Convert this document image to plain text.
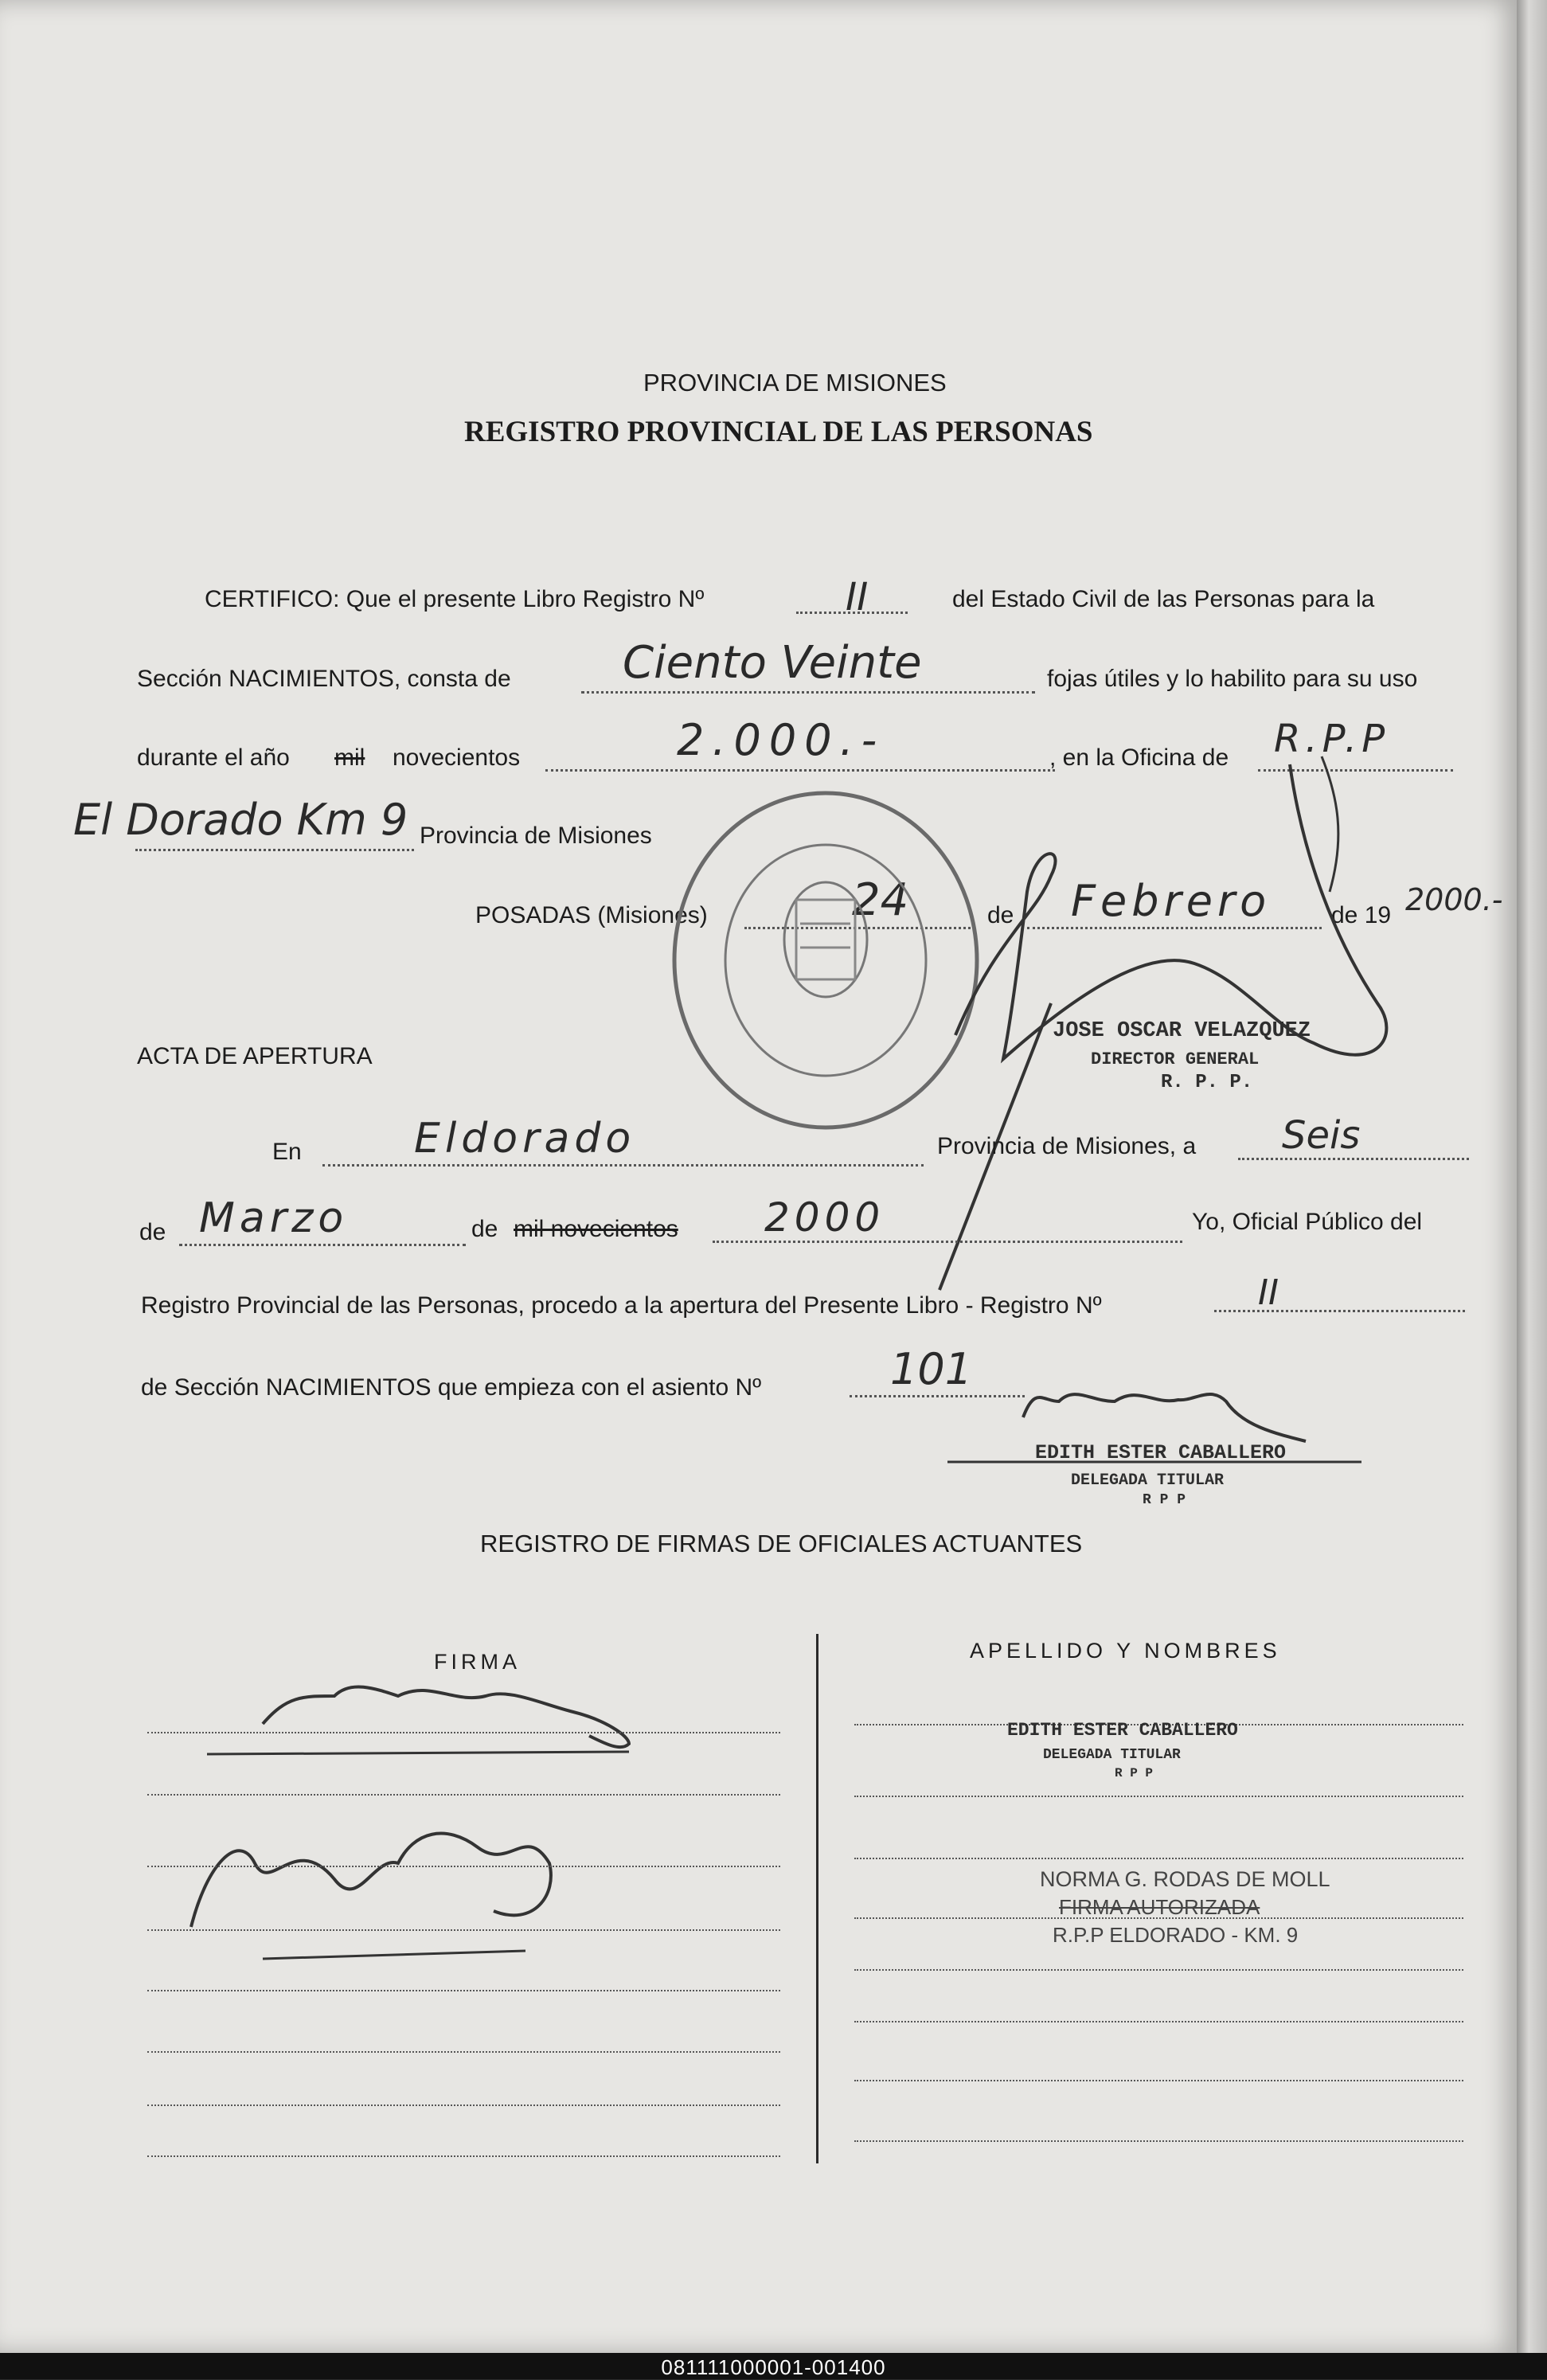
PROVINCIA DE MISIONES
REGISTRO PROVINCIAL DE LAS PERSONAS
CERTIFICO: Que el presente Libro Registro Nº	II	del Estado Civil de las Personas para la
Sección NACIMIENTOS, consta de	Ciento Veinte	fojas útiles y lo habilito para su uso
durante el año mil novecientos	2.000.-	, en la Oficina de R.P.P
El Dorado Km 9 Provincia de Misiones
POSADAS (Misiones)	24	de Febrero	de 19 2000.-
JOSE OSCAR VELAZQUEZ
DIRECTOR GENERAL
R. P. P.
ACTA DE APERTURA
En	Eldorado	Provincia de Misiones, a Seis
de Marzo	de mil novecientos 2000	Yo, Oficial Público del
Registro Provincial de las Personas, procedo a la apertura del Presente Libro - Registro Nº	II
de Sección NACIMIENTOS que empieza con el asiento Nº	101
EDITH ESTER CABALLERO
DELEGADA TITULAR
R P P
REGISTRO DE FIRMAS DE OFICIALES ACTUANTES
FIRMA	APELLIDO Y NOMBRES
EDITH ESTER CABALLERO
DELEGADA TITULAR
R P P
NORMA G. RODAS DE MOLL
FIRMA AUTORIZADA
R.P.P ELDORADO - KM. 9
081111000001-001400
